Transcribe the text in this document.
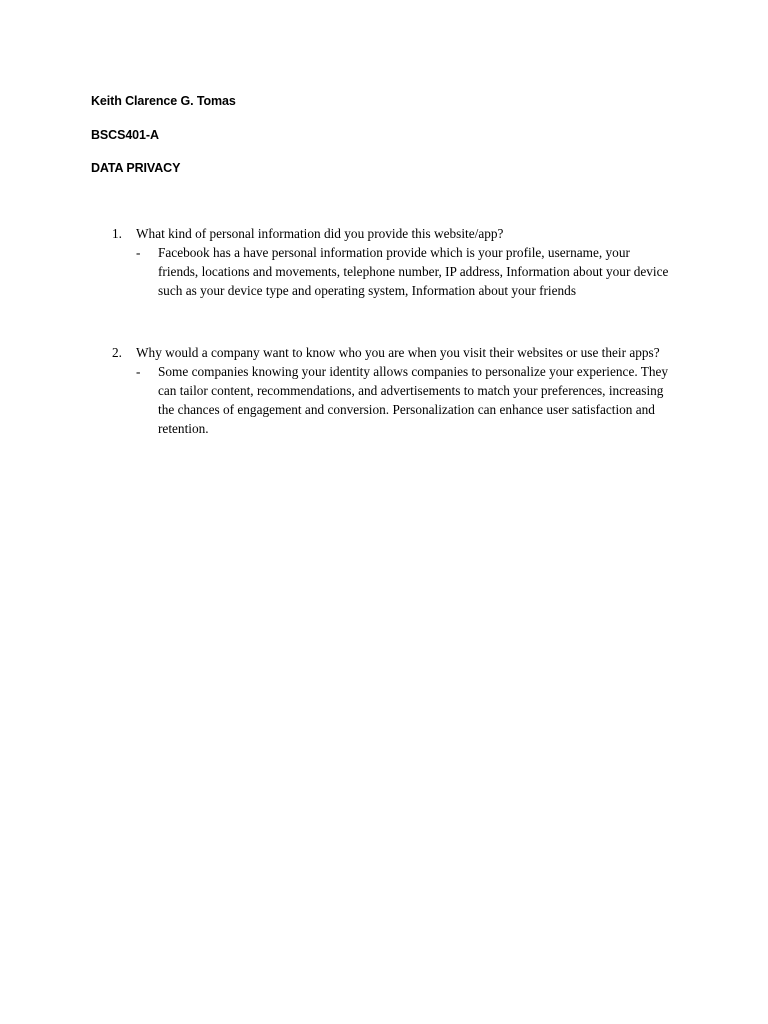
Keith Clarence G. Tomas
BSCS401-A
DATA PRIVACY
1. What kind of personal information did you provide this website/app?
- Facebook has a have personal information provide which is your profile, username, your friends, locations and movements, telephone number, IP address, Information about your device such as your device type and operating system, Information about your friends
2. Why would a company want to know who you are when you visit their websites or use their apps?
- Some companies knowing your identity allows companies to personalize your experience. They can tailor content, recommendations, and advertisements to match your preferences, increasing the chances of engagement and conversion. Personalization can enhance user satisfaction and retention.
